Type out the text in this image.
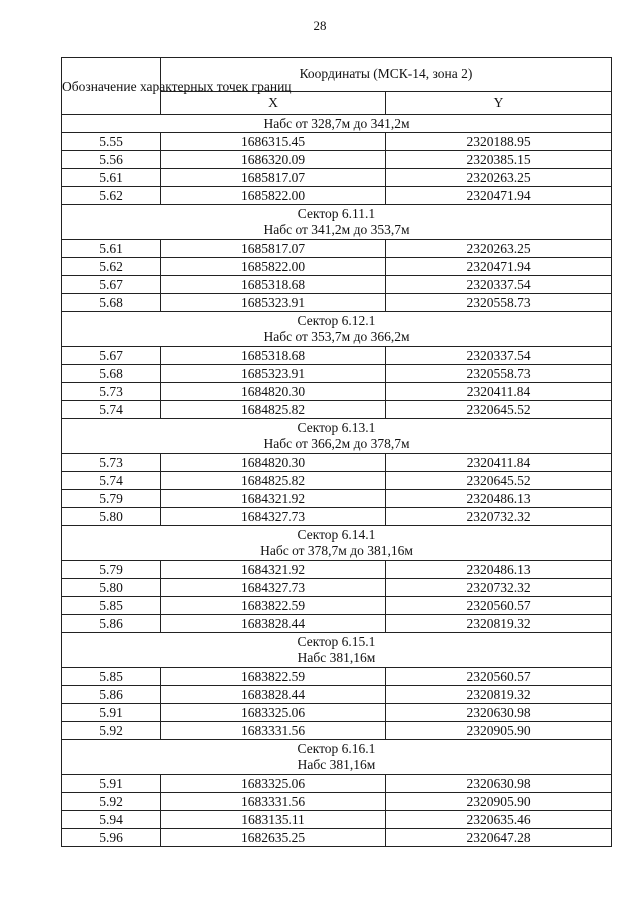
28
Обозначение характерных точек границ	Координаты (МСК-14, зона 2)	
	X	Y

Набс от 328,7м до 341,2м		

5.55	1686315.45	2320188.95
5.56	1686320.09	2320385.15
5.61	1685817.07	2320263.25
5.62	1685822.00	2320471.94

Сектор 6.11.1
Набс от 341,2м до 353,7м		

5.61	1685817.07	2320263.25
5.62	1685822.00	2320471.94
5.67	1685318.68	2320337.54
5.68	1685323.91	2320558.73

Сектор 6.12.1
Набс от 353,7м до 366,2м		

5.67	1685318.68	2320337.54
5.68	1685323.91	2320558.73
5.73	1684820.30	2320411.84
5.74	1684825.82	2320645.52

Сектор 6.13.1
Набс от 366,2м до 378,7м		

5.73	1684820.30	2320411.84
5.74	1684825.82	2320645.52
5.79	1684321.92	2320486.13
5.80	1684327.73	2320732.32

Сектор 6.14.1
Набс от 378,7м до 381,16м		

5.79	1684321.92	2320486.13
5.80	1684327.73	2320732.32
5.85	1683822.59	2320560.57
5.86	1683828.44	2320819.32

Сектор 6.15.1
Набс 381,16м		

5.85	1683822.59	2320560.57
5.86	1683828.44	2320819.32
5.91	1683325.06	2320630.98
5.92	1683331.56	2320905.90

Сектор 6.16.1
Набс 381,16м		

5.91	1683325.06	2320630.98
5.92	1683331.56	2320905.90
5.94	1683135.11	2320635.46
5.96	1682635.25	2320647.28
